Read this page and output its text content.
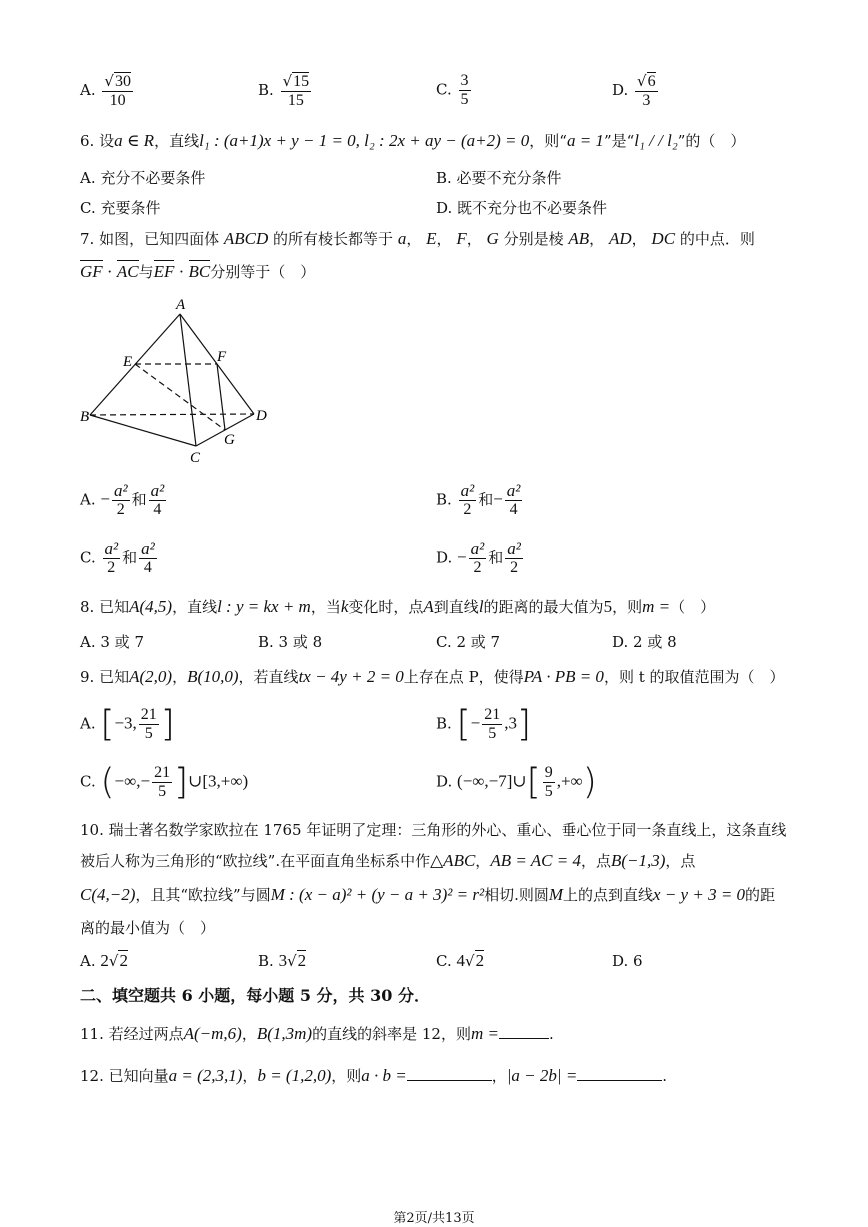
A. $\frac{√30}{10}$	B. $\frac{√15}{15}$	C. $\frac{3}{5}$	D. $\frac{√6}{3}$
6. 设a ∈ R，直线l₁ : (a+1)x + y − 1 = 0, l₂ : 2x + ay − (a+2) = 0，则“a = 1”是“l₁ / / l₂”的（　）
A. 充分不必要条件	B. 必要不充分条件
C. 充要条件	D. 既不充分也不必要条件
7. 如图，已知四面体 ABCD 的所有棱长都等于 a， E， F， G 分别是棱 AB， AD， DC 的中点．则
GF · AC与EF · BC分别等于（　）
A
B
C
D
E	F
G
A. − $\frac{\text{a²}}{2}$ 和 $\frac{\text{a²}}{4}$	B. $\frac{\text{a²}}{2}$ 和− $\frac{\text{a²}}{4}$
C. $\frac{\text{a²}}{2}$ 和 $\frac{\text{a²}}{4}$	D. − $\frac{\text{a²}}{2}$ 和 $\frac{\text{a²}}{2}$
8. 已知A(4,5)，直线l : y = kx + m，当k变化时，点A到直线l的距离的最大值为5，则m =（　）
A. 3 或 7	B. 3 或 8	C. 2 或 7	D. 2 或 8
9. 已知A(2,0)，B(10,0)，若直线tx − 4y + 2 = 0上存在点 P，使得PA · PB = 0，则 t 的取值范围为（　）
A. [−3, $\frac{21}{5}$ ]	B. [− $\frac{21}{5} ,3$]
C. (−∞,− $\frac{21}{5}$ ]∪[3,+∞)	D. (−∞,−7]∪[ $\frac{9}{5}$ ,+∞)
10. 瑞士著名数学家欧拉在 1765 年证明了定理：三角形的外心、重心、垂心位于同一条直线上，这条直线
被后人称为三角形的“欧拉线”.在平面直角坐标系中作△ABC，AB = AC = 4，点B(−1,3)，点
C(4,−2)，且其“欧拉线”与圆M : (x − a)² + (y − a + 3)² = r²相切.则圆M上的点到直线x − y + 3 = 0的距
离的最小值为（　）
A. 2√2	B. 3√2	C. 4√2	D. 6
二、填空题共 6 小题，每小题 5 分，共 30 分．
11. 若经过两点A(−m,6)，B(1,3m)的直线的斜率是 12，则m =	.
12. 已知向量a = (2,3,1)，b = (1,2,0)，则a · b =	，|a − 2b| =	.
第2页/共13页
